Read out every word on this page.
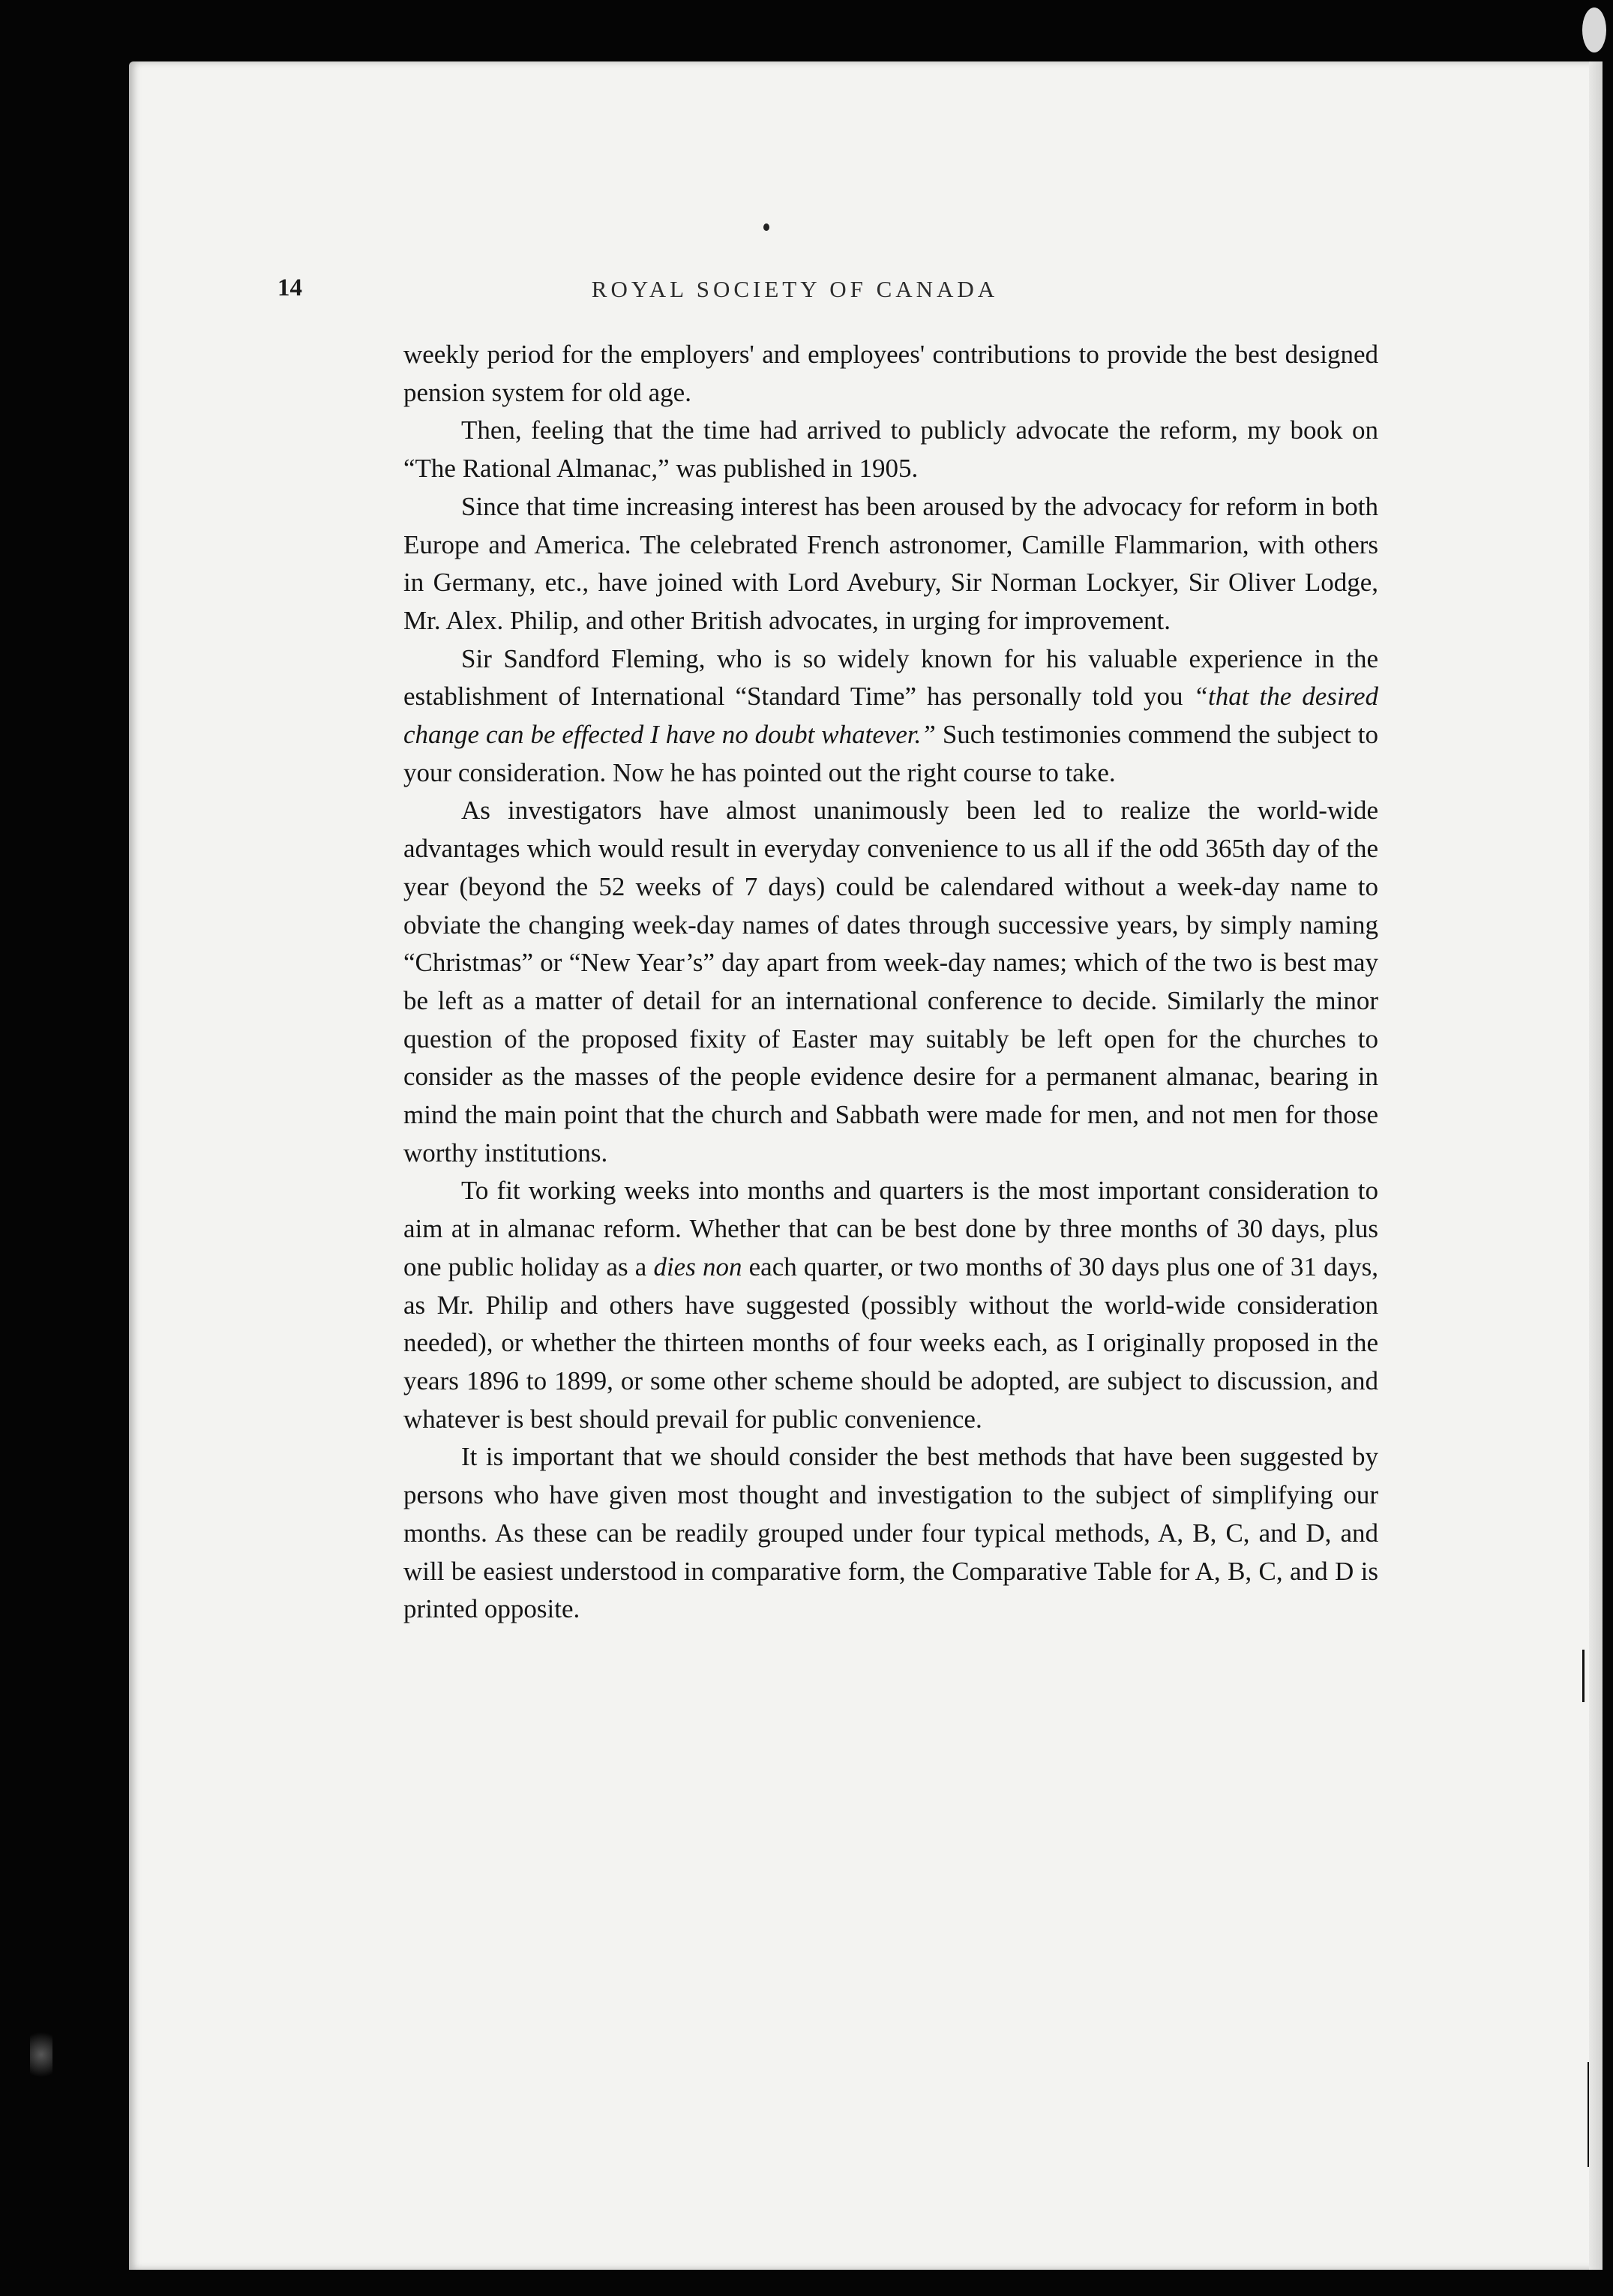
14	ROYAL SOCIETY OF CANADA

weekly period for the employers' and employees' contributions to provide the best designed pension system for old age.

Then, feeling that the time had arrived to publicly advocate the reform, my book on “The Rational Almanac,” was published in 1905.

Since that time increasing interest has been aroused by the advocacy for reform in both Europe and America. The celebrated French astronomer, Camille Flammarion, with others in Germany, etc., have joined with Lord Avebury, Sir Norman Lockyer, Sir Oliver Lodge, Mr. Alex. Philip, and other British advocates, in urging for improvement.

Sir Sandford Fleming, who is so widely known for his valuable experience in the establishment of International “Standard Time” has personally told you “that the desired change can be effected I have no doubt whatever.” Such testimonies commend the subject to your consideration. Now he has pointed out the right course to take.

As investigators have almost unanimously been led to realize the world-wide advantages which would result in everyday convenience to us all if the odd 365th day of the year (beyond the 52 weeks of 7 days) could be calendared without a week-day name to obviate the changing week-day names of dates through successive years, by simply naming “Christmas” or “New Year’s” day apart from week-day names; which of the two is best may be left as a matter of detail for an international conference to decide. Similarly the minor question of the proposed fixity of Easter may suitably be left open for the churches to consider as the masses of the people evidence desire for a permanent almanac, bearing in mind the main point that the church and Sabbath were made for men, and not men for those worthy institutions.

To fit working weeks into months and quarters is the most important consideration to aim at in almanac reform. Whether that can be best done by three months of 30 days, plus one public holiday as a dies non each quarter, or two months of 30 days plus one of 31 days, as Mr. Philip and others have suggested (possibly without the world-wide consideration needed), or whether the thirteen months of four weeks each, as I originally proposed in the years 1896 to 1899, or some other scheme should be adopted, are subject to discussion, and whatever is best should prevail for public convenience.

It is important that we should consider the best methods that have been suggested by persons who have given most thought and investigation to the subject of simplifying our months. As these can be readily grouped under four typical methods, A, B, C, and D, and will be easiest understood in comparative form, the Comparative Table for A, B, C, and D is printed opposite.
